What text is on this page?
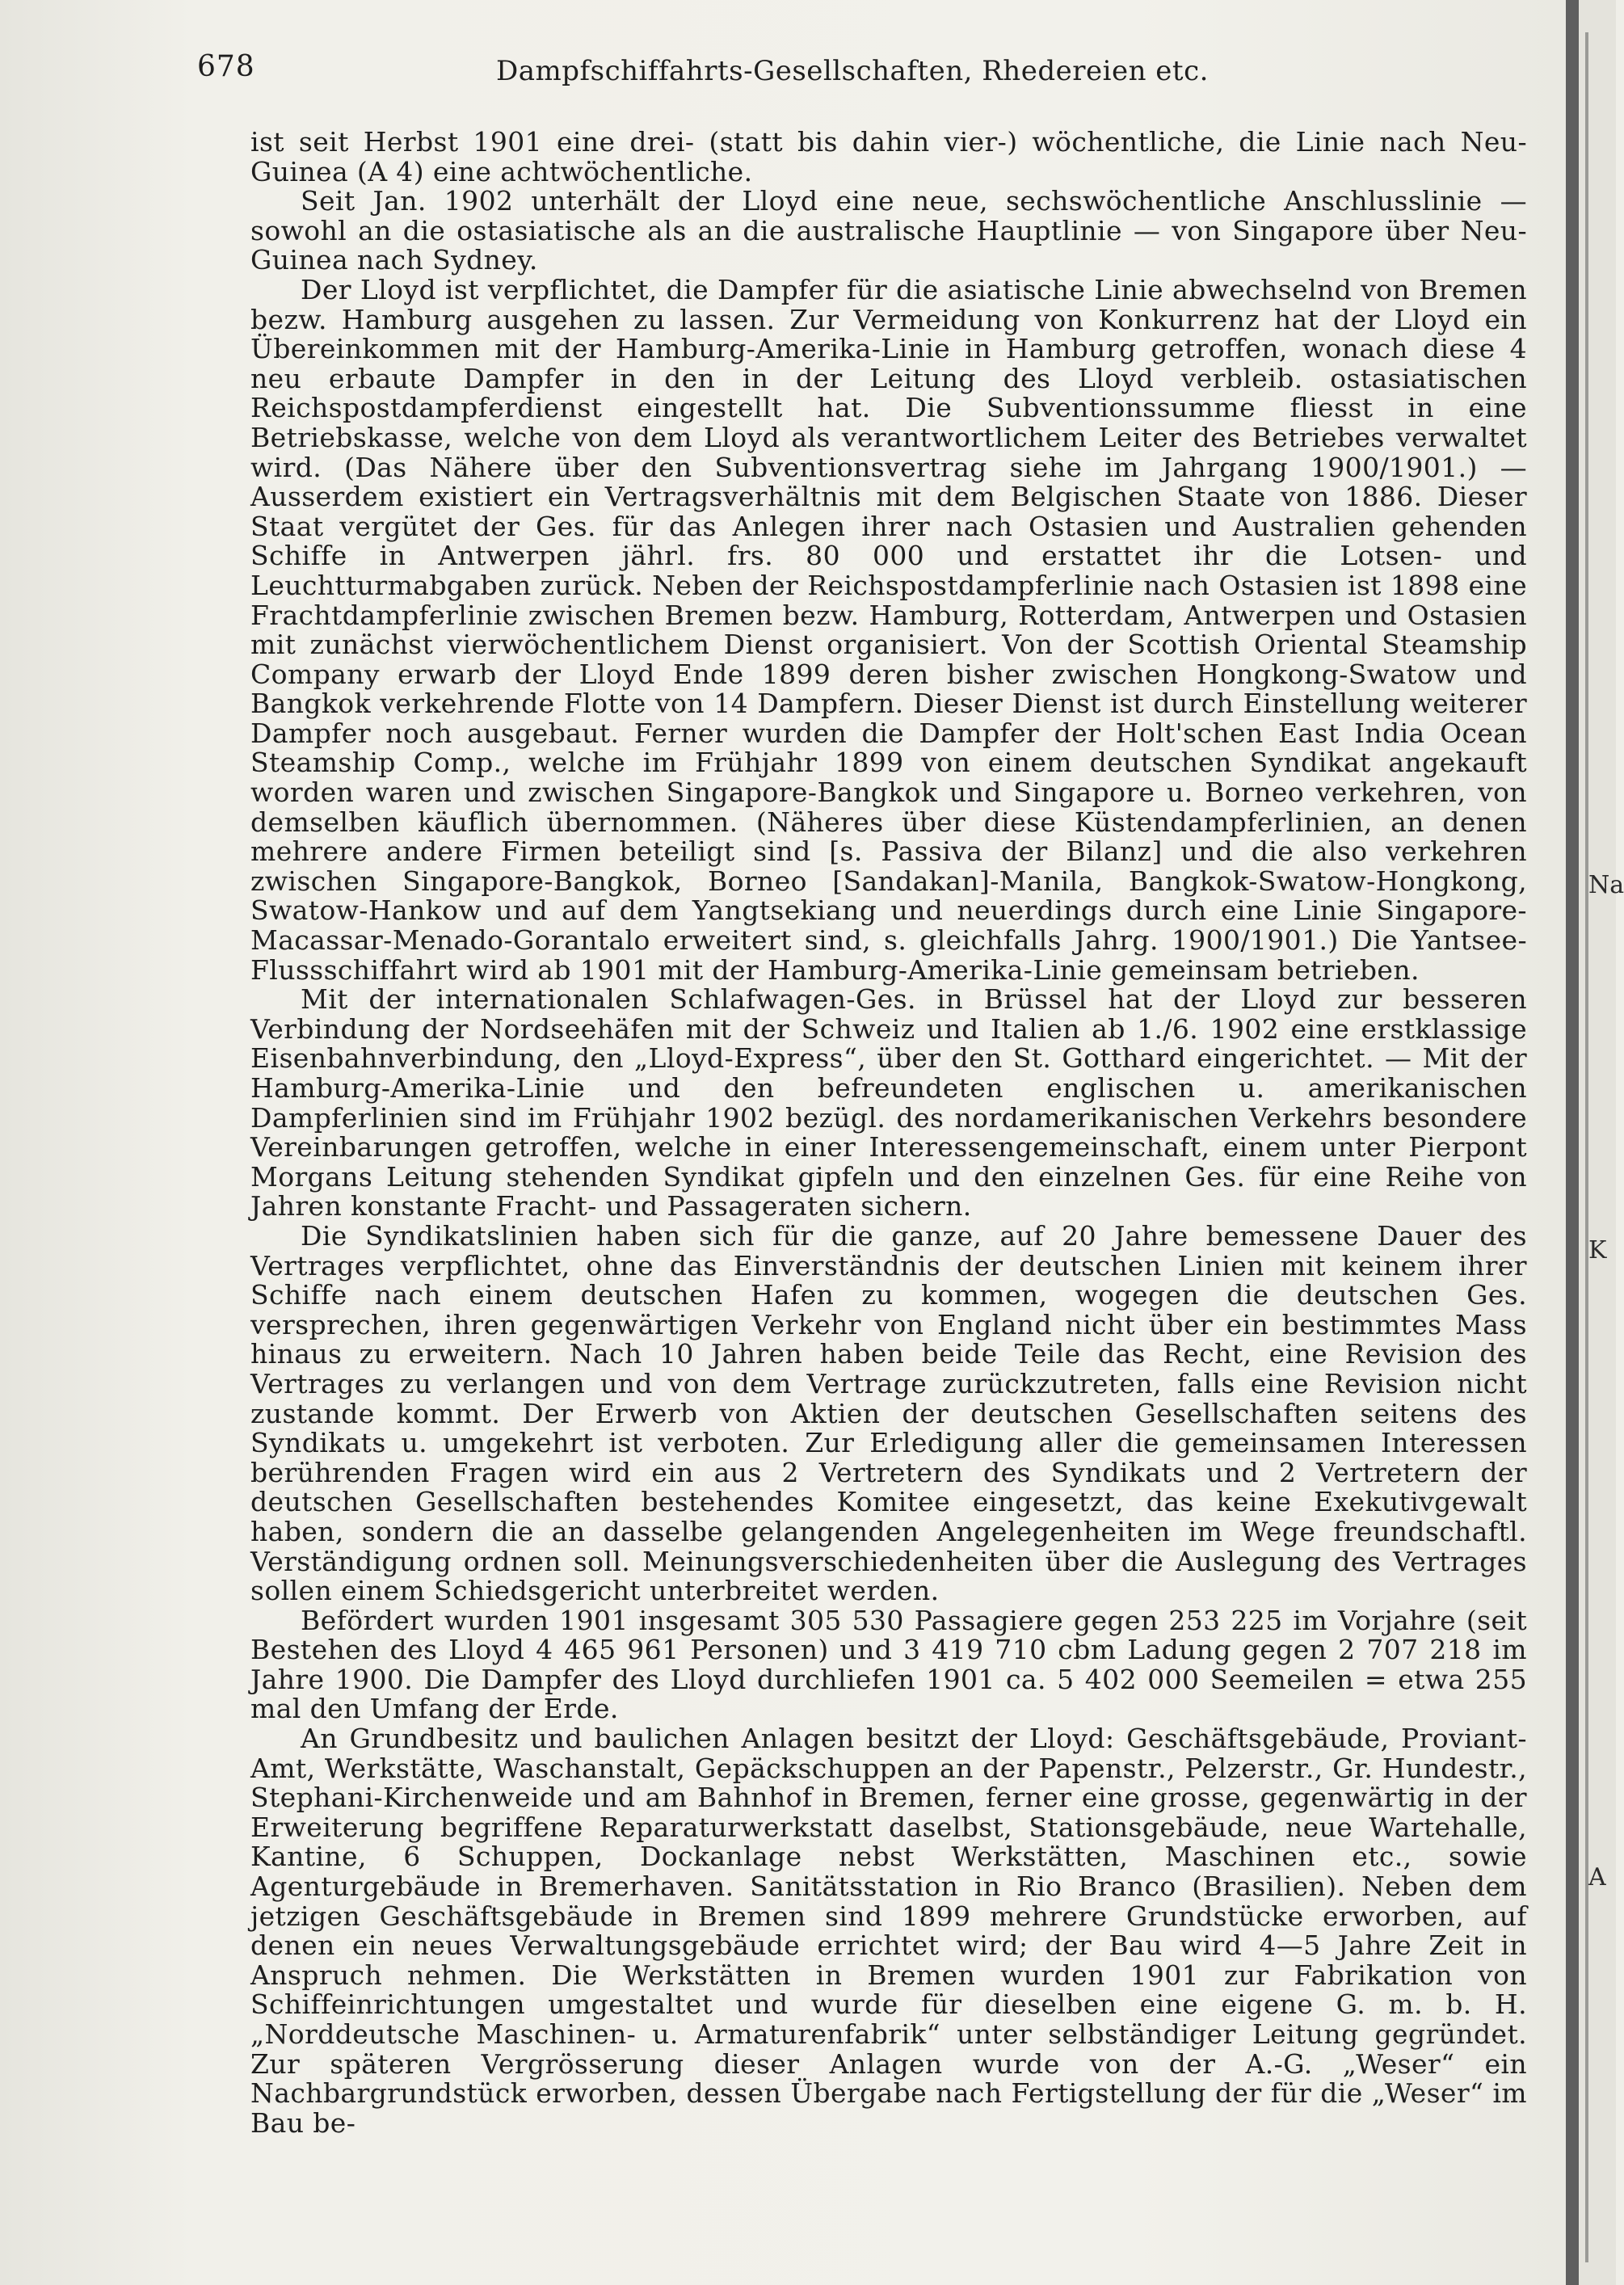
Na
K
A
678	Dampfschiffahrts-Gesellschaften, Rhedereien etc.

ist seit Herbst 1901 eine drei- (statt bis dahin vier-) wöchentliche, die Linie nach Neu-Guinea (A 4) eine achtwöchentliche.

Seit Jan. 1902 unterhält der Lloyd eine neue, sechswöchentliche Anschlusslinie — sowohl an die ostasiatische als an die australische Hauptlinie — von Singapore über Neu-Guinea nach Sydney.

Der Lloyd ist verpflichtet, die Dampfer für die asiatische Linie abwechselnd von Bremen bezw. Hamburg ausgehen zu lassen. Zur Vermeidung von Konkurrenz hat der Lloyd ein Übereinkommen mit der Hamburg-Amerika-Linie in Hamburg getroffen, wonach diese 4 neu erbaute Dampfer in den in der Leitung des Lloyd verbleib. ostasiatischen Reichspostdampferdienst eingestellt hat. Die Subventionssumme fliesst in eine Betriebskasse, welche von dem Lloyd als verantwortlichem Leiter des Betriebes verwaltet wird. (Das Nähere über den Subventionsvertrag siehe im Jahrgang 1900/1901.) — Ausserdem existiert ein Vertragsverhältnis mit dem Belgischen Staate von 1886. Dieser Staat vergütet der Ges. für das Anlegen ihrer nach Ostasien und Australien gehenden Schiffe in Antwerpen jährl. frs. 80 000 und erstattet ihr die Lotsen- und Leuchtturmabgaben zurück. Neben der Reichspostdampferlinie nach Ostasien ist 1898 eine Frachtdampferlinie zwischen Bremen bezw. Hamburg, Rotterdam, Antwerpen und Ostasien mit zunächst vierwöchentlichem Dienst organisiert. Von der Scottish Oriental Steamship Company erwarb der Lloyd Ende 1899 deren bisher zwischen Hongkong-Swatow und Bangkok verkehrende Flotte von 14 Dampfern. Dieser Dienst ist durch Einstellung weiterer Dampfer noch ausgebaut. Ferner wurden die Dampfer der Holt'schen East India Ocean Steamship Comp., welche im Frühjahr 1899 von einem deutschen Syndikat angekauft worden waren und zwischen Singapore-Bangkok und Singapore u. Borneo verkehren, von demselben käuflich übernommen. (Näheres über diese Küstendampferlinien, an denen mehrere andere Firmen beteiligt sind [s. Passiva der Bilanz] und die also verkehren zwischen Singapore-Bangkok, Borneo [Sandakan]-Manila, Bangkok-Swatow-Hongkong, Swatow-Hankow und auf dem Yangtsekiang und neuerdings durch eine Linie Singapore-Macassar-Menado-Gorantalo erweitert sind, s. gleichfalls Jahrg. 1900/1901.) Die Yantsee-Flussschiffahrt wird ab 1901 mit der Hamburg-Amerika-Linie gemeinsam betrieben.

Mit der internationalen Schlafwagen-Ges. in Brüssel hat der Lloyd zur besseren Verbindung der Nordseehäfen mit der Schweiz und Italien ab 1./6. 1902 eine erstklassige Eisenbahnverbindung, den „Lloyd-Express“, über den St. Gotthard eingerichtet. — Mit der Hamburg-Amerika-Linie und den befreundeten englischen u. amerikanischen Dampferlinien sind im Frühjahr 1902 bezügl. des nordamerikanischen Verkehrs besondere Vereinbarungen getroffen, welche in einer Interessengemeinschaft, einem unter Pierpont Morgans Leitung stehenden Syndikat gipfeln und den einzelnen Ges. für eine Reihe von Jahren konstante Fracht- und Passageraten sichern.

Die Syndikatslinien haben sich für die ganze, auf 20 Jahre bemessene Dauer des Vertrages verpflichtet, ohne das Einverständnis der deutschen Linien mit keinem ihrer Schiffe nach einem deutschen Hafen zu kommen, wogegen die deutschen Ges. versprechen, ihren gegenwärtigen Verkehr von England nicht über ein bestimmtes Mass hinaus zu erweitern. Nach 10 Jahren haben beide Teile das Recht, eine Revision des Vertrages zu verlangen und von dem Vertrage zurückzutreten, falls eine Revision nicht zustande kommt. Der Erwerb von Aktien der deutschen Gesellschaften seitens des Syndikats u. umgekehrt ist verboten. Zur Erledigung aller die gemeinsamen Interessen berührenden Fragen wird ein aus 2 Vertretern des Syndikats und 2 Vertretern der deutschen Gesellschaften bestehendes Komitee eingesetzt, das keine Exekutivgewalt haben, sondern die an dasselbe gelangenden Angelegenheiten im Wege freundschaftl. Verständigung ordnen soll. Meinungsverschiedenheiten über die Auslegung des Vertrages sollen einem Schiedsgericht unterbreitet werden.

Befördert wurden 1901 insgesamt 305 530 Passagiere gegen 253 225 im Vorjahre (seit Bestehen des Lloyd 4 465 961 Personen) und 3 419 710 cbm Ladung gegen 2 707 218 im Jahre 1900. Die Dampfer des Lloyd durchliefen 1901 ca. 5 402 000 Seemeilen = etwa 255 mal den Umfang der Erde.

An Grundbesitz und baulichen Anlagen besitzt der Lloyd: Geschäftsgebäude, Proviant-Amt, Werkstätte, Waschanstalt, Gepäckschuppen an der Papenstr., Pelzerstr., Gr. Hundestr., Stephani-Kirchenweide und am Bahnhof in Bremen, ferner eine grosse, gegenwärtig in der Erweiterung begriffene Reparaturwerkstatt daselbst, Stationsgebäude, neue Wartehalle, Kantine, 6 Schuppen, Dockanlage nebst Werkstätten, Maschinen etc., sowie Agenturgebäude in Bremerhaven. Sanitätsstation in Rio Branco (Brasilien). Neben dem jetzigen Geschäftsgebäude in Bremen sind 1899 mehrere Grundstücke erworben, auf denen ein neues Verwaltungsgebäude errichtet wird; der Bau wird 4—5 Jahre Zeit in Anspruch nehmen. Die Werkstätten in Bremen wurden 1901 zur Fabrikation von Schiffeinrichtungen umgestaltet und wurde für dieselben eine eigene G. m. b. H. „Norddeutsche Maschinen- u. Armaturenfabrik“ unter selbständiger Leitung gegründet. Zur späteren Vergrösserung dieser Anlagen wurde von der A.-G. „Weser“ ein Nachbargrundstück erworben, dessen Übergabe nach Fertigstellung der für die „Weser“ im Bau be-
